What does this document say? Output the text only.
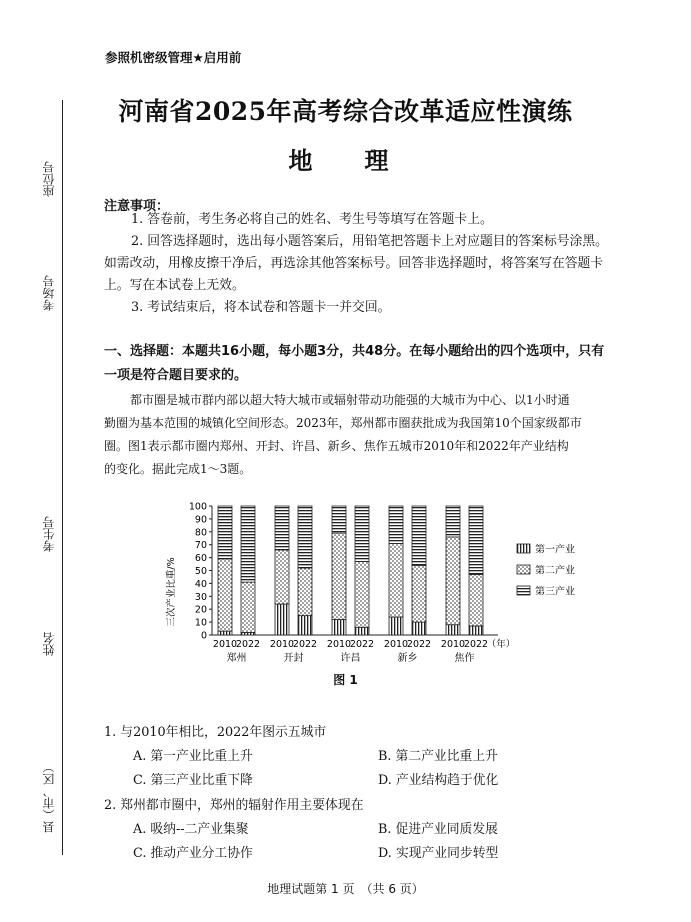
参照机密级管理★启用前
河南省2025年高考综合改革适应性演练
地　理
座位号
考场号
考生号
姓名
县（市、区）
注意事项：
1. 答卷前，考生务必将自己的姓名、考生号等填写在答题卡上。
2. 回答选择题时，选出每小题答案后，用铅笔把答题卡上对应题目的答案标号涂黑。
如需改动，用橡皮擦干净后，再选涂其他答案标号。回答非选择题时，将答案写在答题卡
上。写在本试卷上无效。
3. 考试结束后，将本试卷和答题卡一并交回。
一、选择题：本题共16小题，每小题3分，共48分。在每小题给出的四个选项中，只有
一项是符合题目要求的。
都市圈是城市群内部以超大特大城市或辐射带动功能强的大城市为中心、以1小时通
勤圈为基本范围的城镇化空间形态。2023年，郑州都市圈获批成为我国第10个国家级都市
圈。图1表示都市圈内郑州、开封、许昌、新乡、焦作五城市2010年和2022年产业结构
的变化。据此完成1～3题。
0
10
20
30
40
50
60
70
80
90
100
2010
2022 2010
2022 2010
2022 2010
2022 2010
2022
郑州	开封	许昌	新乡	焦作
（年）
第一产业
第二产业
第三产业
三次产业比重/%
图 1
1. 与2010年相比，2022年图示五城市
A. 第一产业比重上升	B. 第二产业比重上升
C. 第三产业比重下降	D. 产业结构趋于优化
2. 郑州都市圈中，郑州的辐射作用主要体现在
A. 吸纳--二产业集聚	B. 促进产业同质发展
C. 推动产业分工协作	D. 实现产业同步转型
地理试题第 1 页　（共 6 页）
